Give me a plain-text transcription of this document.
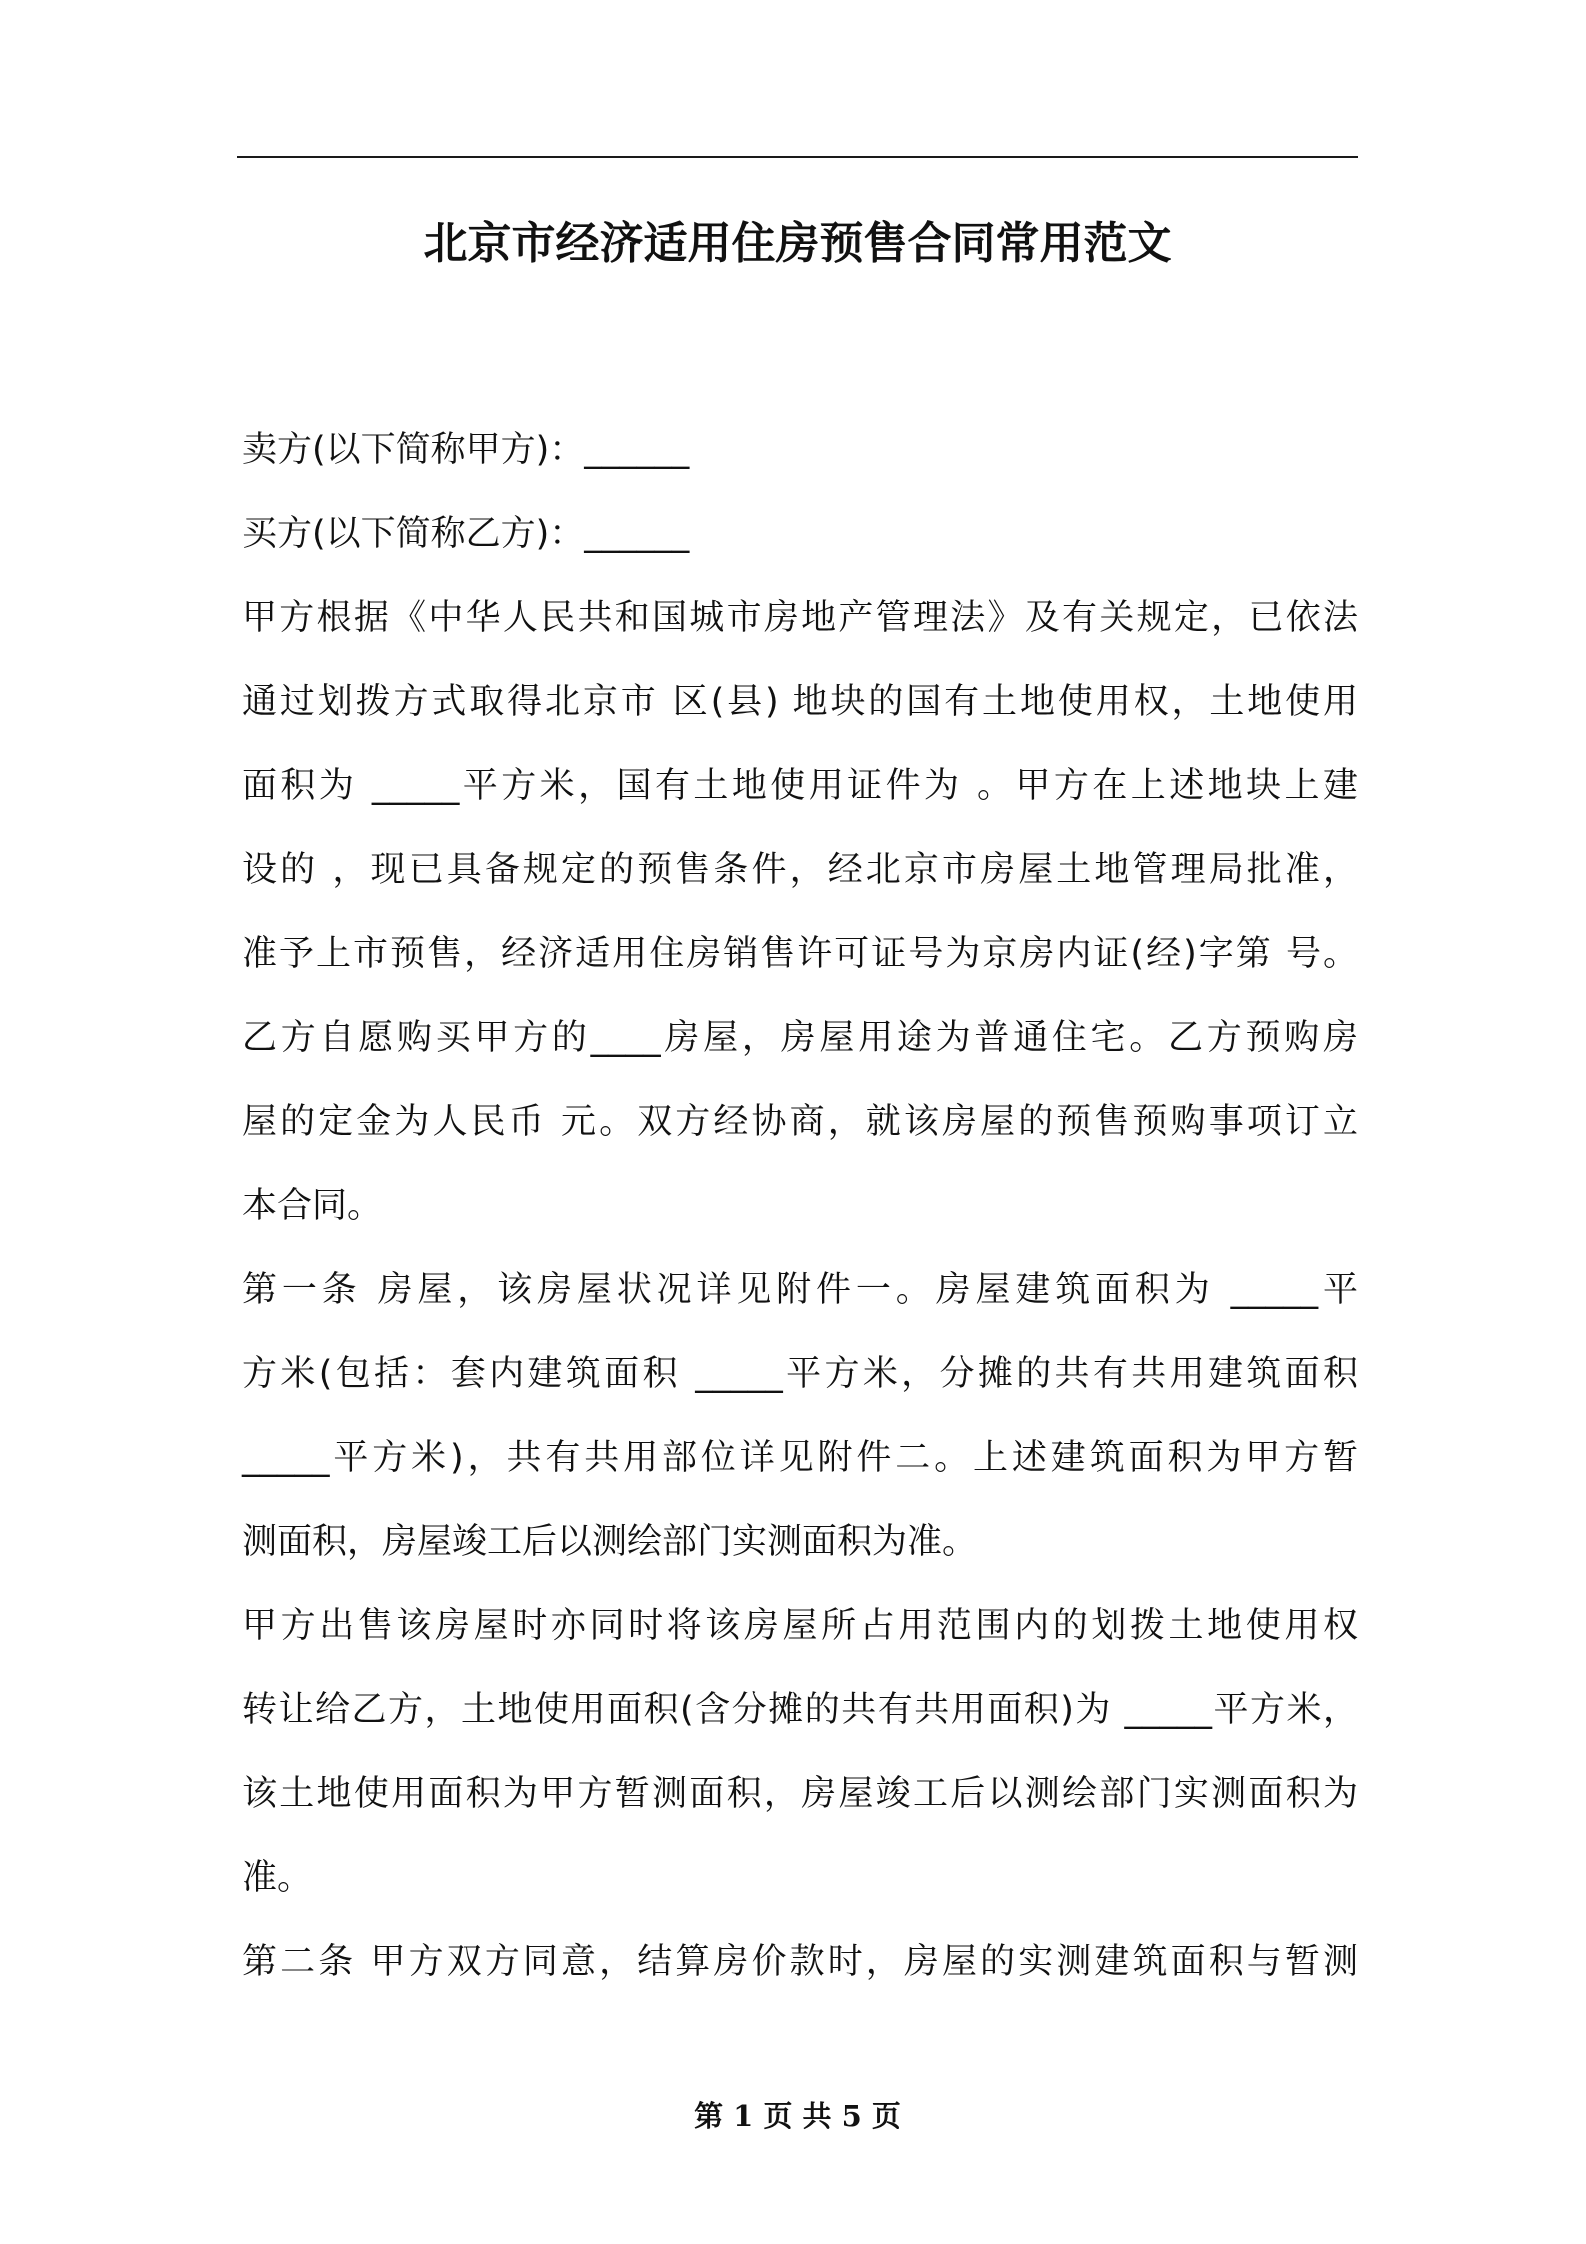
北京市经济适用住房预售合同常用范文
卖方(以下简称甲方)：______
买方(以下简称乙方)：______
甲方根据《中华人民共和国城市房地产管理法》及有关规定，已依法
通过划拨方式取得北京市 区(县) 地块的国有土地使用权，土地使用
面积为 _____平方米，国有土地使用证件为 。甲方在上述地块上建
设的 ，现已具备规定的预售条件，经北京市房屋土地管理局批准，
准予上市预售，经济适用住房销售许可证号为京房内证(经)字第 号。
乙方自愿购买甲方的____房屋，房屋用途为普通住宅。乙方预购房
屋的定金为人民币 元。双方经协商，就该房屋的预售预购事项订立
本合同。
第一条 房屋，该房屋状况详见附件一。房屋建筑面积为 _____平
方米(包括：套内建筑面积 _____平方米，分摊的共有共用建筑面积
_____平方米)，共有共用部位详见附件二。上述建筑面积为甲方暂
测面积，房屋竣工后以测绘部门实测面积为准。
甲方出售该房屋时亦同时将该房屋所占用范围内的划拨土地使用权
转让给乙方，土地使用面积(含分摊的共有共用面积)为 _____平方米，
该土地使用面积为甲方暂测面积，房屋竣工后以测绘部门实测面积为
准。
第二条 甲方双方同意，结算房价款时，房屋的实测建筑面积与暂测
第 1 页 共 5 页
